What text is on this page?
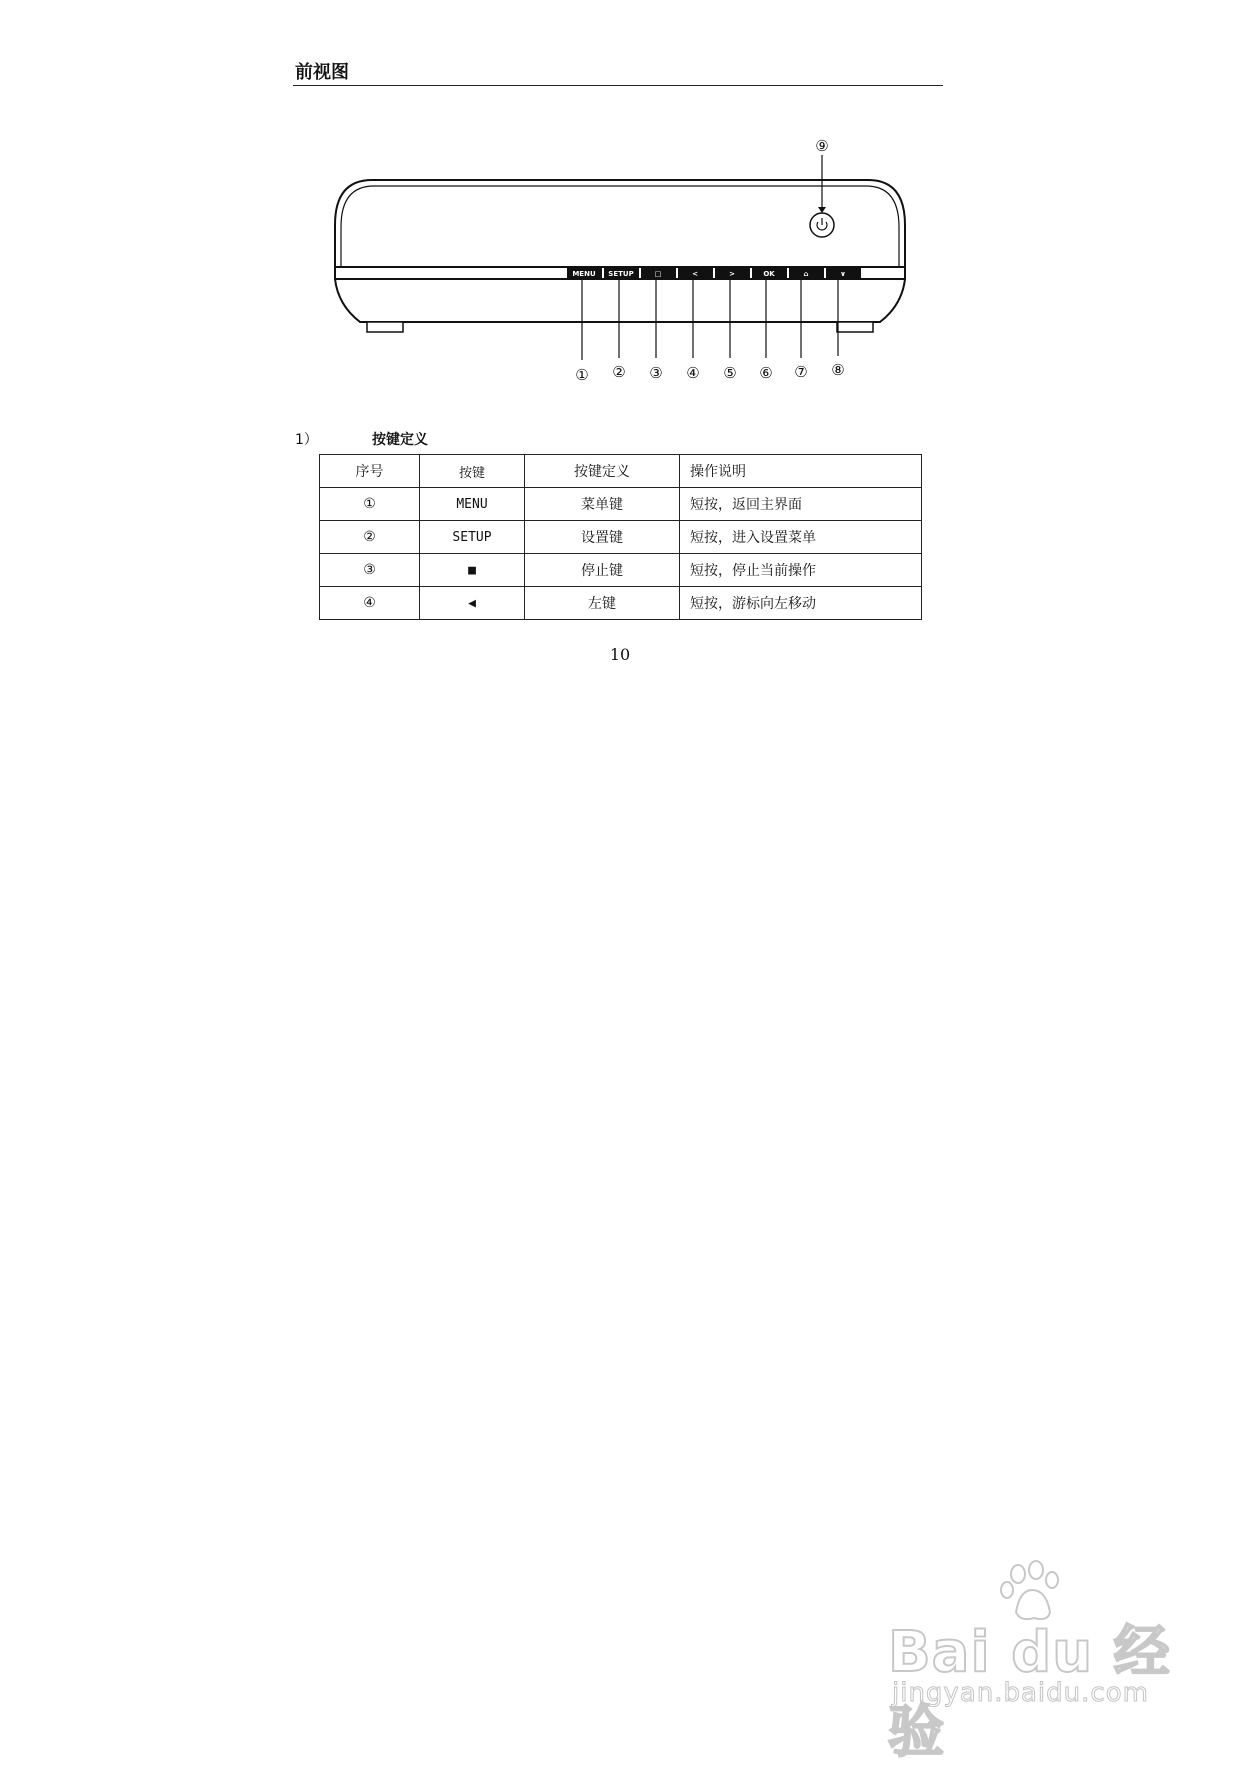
前视图
MENU SETUP	□	<	>	OK	⌂	∨
① ② ③ ④ ⑤ ⑥ ⑦ ⑧
⑨
1）	按键定义
序号	按键	按键定义	操作说明
①	MENU	菜单键	短按，返回主界面
②	SETUP	设置键	短按，进入设置菜单
③	■	停止键	短按，停止当前操作
④	◀	左键	短按，游标向左移动
10
Bai du 经验
jingyan.baidu.com
